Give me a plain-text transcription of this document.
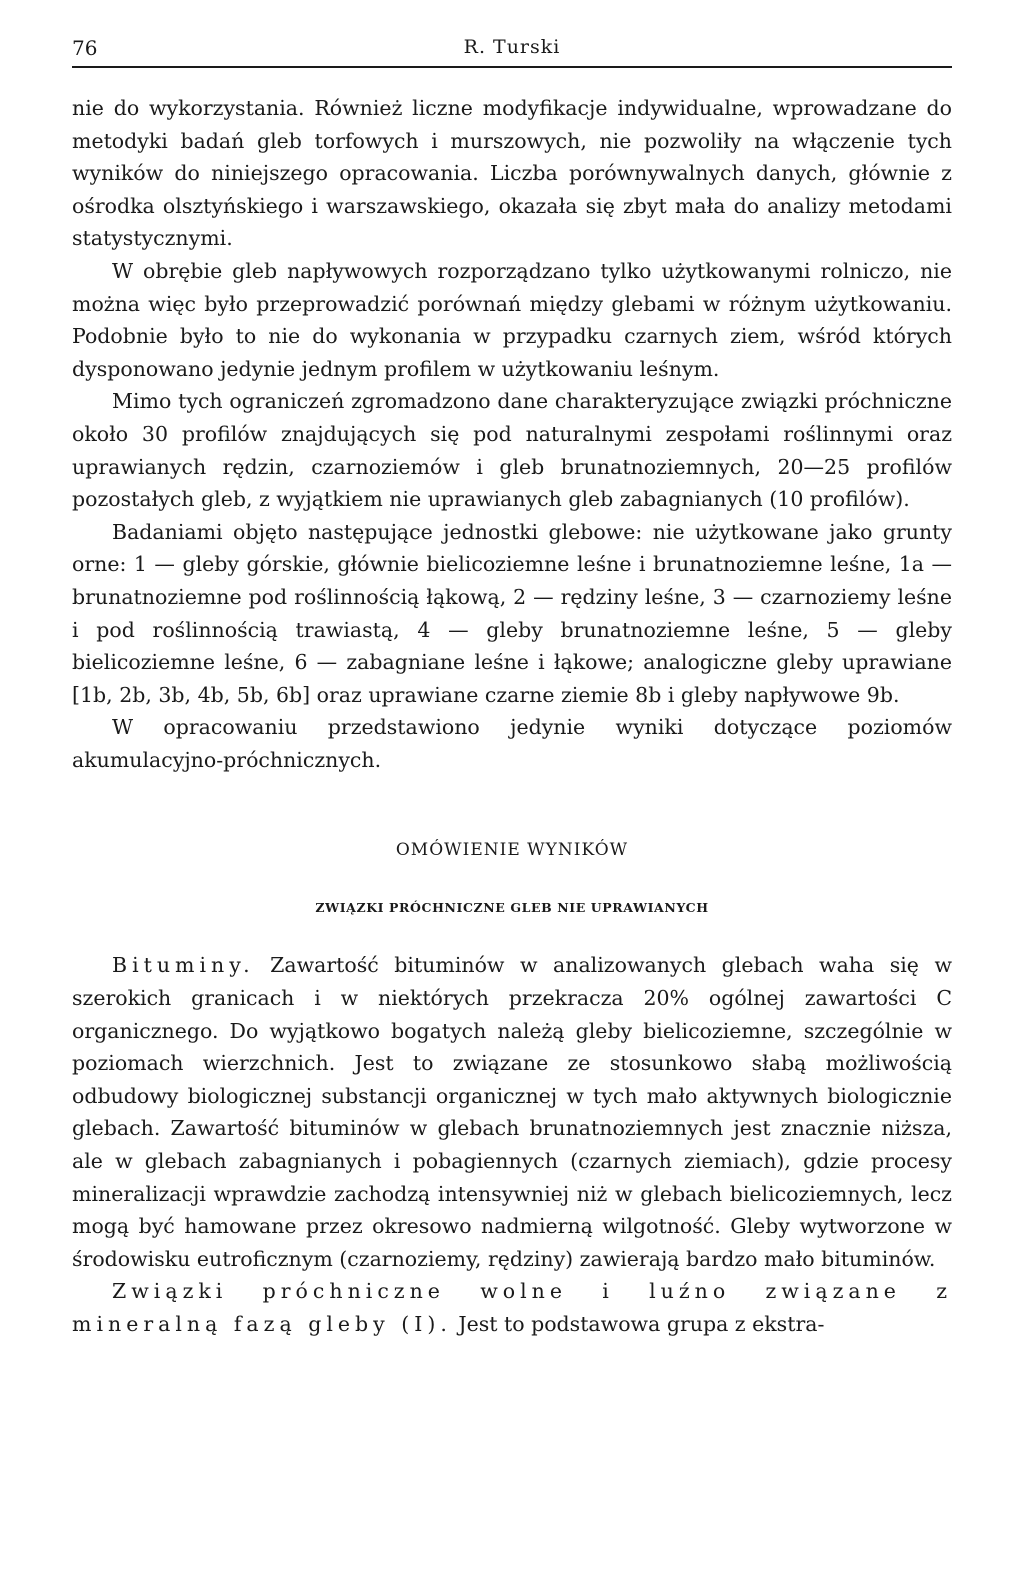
76	R. Turski

nie do wykorzystania. Również liczne modyfikacje indywidualne, wprowadzane do metodyki badań gleb torfowych i murszowych, nie pozwoliły na włączenie tych wyników do niniejszego opracowania. Liczba porównywalnych danych, głównie z ośrodka olsztyńskiego i warszawskiego, okazała się zbyt mała do analizy metodami statystycznymi.

W obrębie gleb napływowych rozporządzano tylko użytkowanymi rolniczo, nie można więc było przeprowadzić porównań między glebami w różnym użytkowaniu. Podobnie było to nie do wykonania w przypadku czarnych ziem, wśród których dysponowano jedynie jednym profilem w użytkowaniu leśnym.

Mimo tych ograniczeń zgromadzono dane charakteryzujące związki próchniczne około 30 profilów znajdujących się pod naturalnymi zespołami roślinnymi oraz uprawianych rędzin, czarnoziemów i gleb brunatnoziemnych, 20—25 profilów pozostałych gleb, z wyjątkiem nie uprawianych gleb zabagnianych (10 profilów).

Badaniami objęto następujące jednostki glebowe: nie użytkowane jako grunty orne: 1 — gleby górskie, głównie bielicoziemne leśne i brunatnoziemne leśne, 1a — brunatnoziemne pod roślinnością łąkową, 2 — rędziny leśne, 3 — czarnoziemy leśne i pod roślinnością trawiastą, 4 — gleby brunatnoziemne leśne, 5 — gleby bielicoziemne leśne, 6 — zabagniane leśne i łąkowe; analogiczne gleby uprawiane [1b, 2b, 3b, 4b, 5b, 6b] oraz uprawiane czarne ziemie 8b i gleby napływowe 9b.

W opracowaniu przedstawiono jedynie wyniki dotyczące poziomów akumulacyjno-próchnicznych.

OMÓWIENIE WYNIKÓW
ZWIĄZKI PRÓCHNICZNE GLEB NIE UPRAWIANYCH

Bituminy. Zawartość bituminów w analizowanych glebach waha się w szerokich granicach i w niektórych przekracza 20% ogólnej zawartości C organicznego. Do wyjątkowo bogatych należą gleby bielicoziemne, szczególnie w poziomach wierzchnich. Jest to związane ze stosunkowo słabą możliwością odbudowy biologicznej substancji organicznej w tych mało aktywnych biologicznie glebach. Zawartość bituminów w glebach brunatnoziemnych jest znacznie niższa, ale w glebach zabagnianych i pobagiennych (czarnych ziemiach), gdzie procesy mineralizacji wprawdzie zachodzą intensywniej niż w glebach bielicoziemnych, lecz mogą być hamowane przez okresowo nadmierną wilgotność. Gleby wytworzone w środowisku eutroficznym (czarnoziemy, rędziny) zawierają bardzo mało bituminów.

Związki próchniczne wolne i luźno związane z mineralną fazą gleby (I). Jest to podstawowa grupa z ekstra-
